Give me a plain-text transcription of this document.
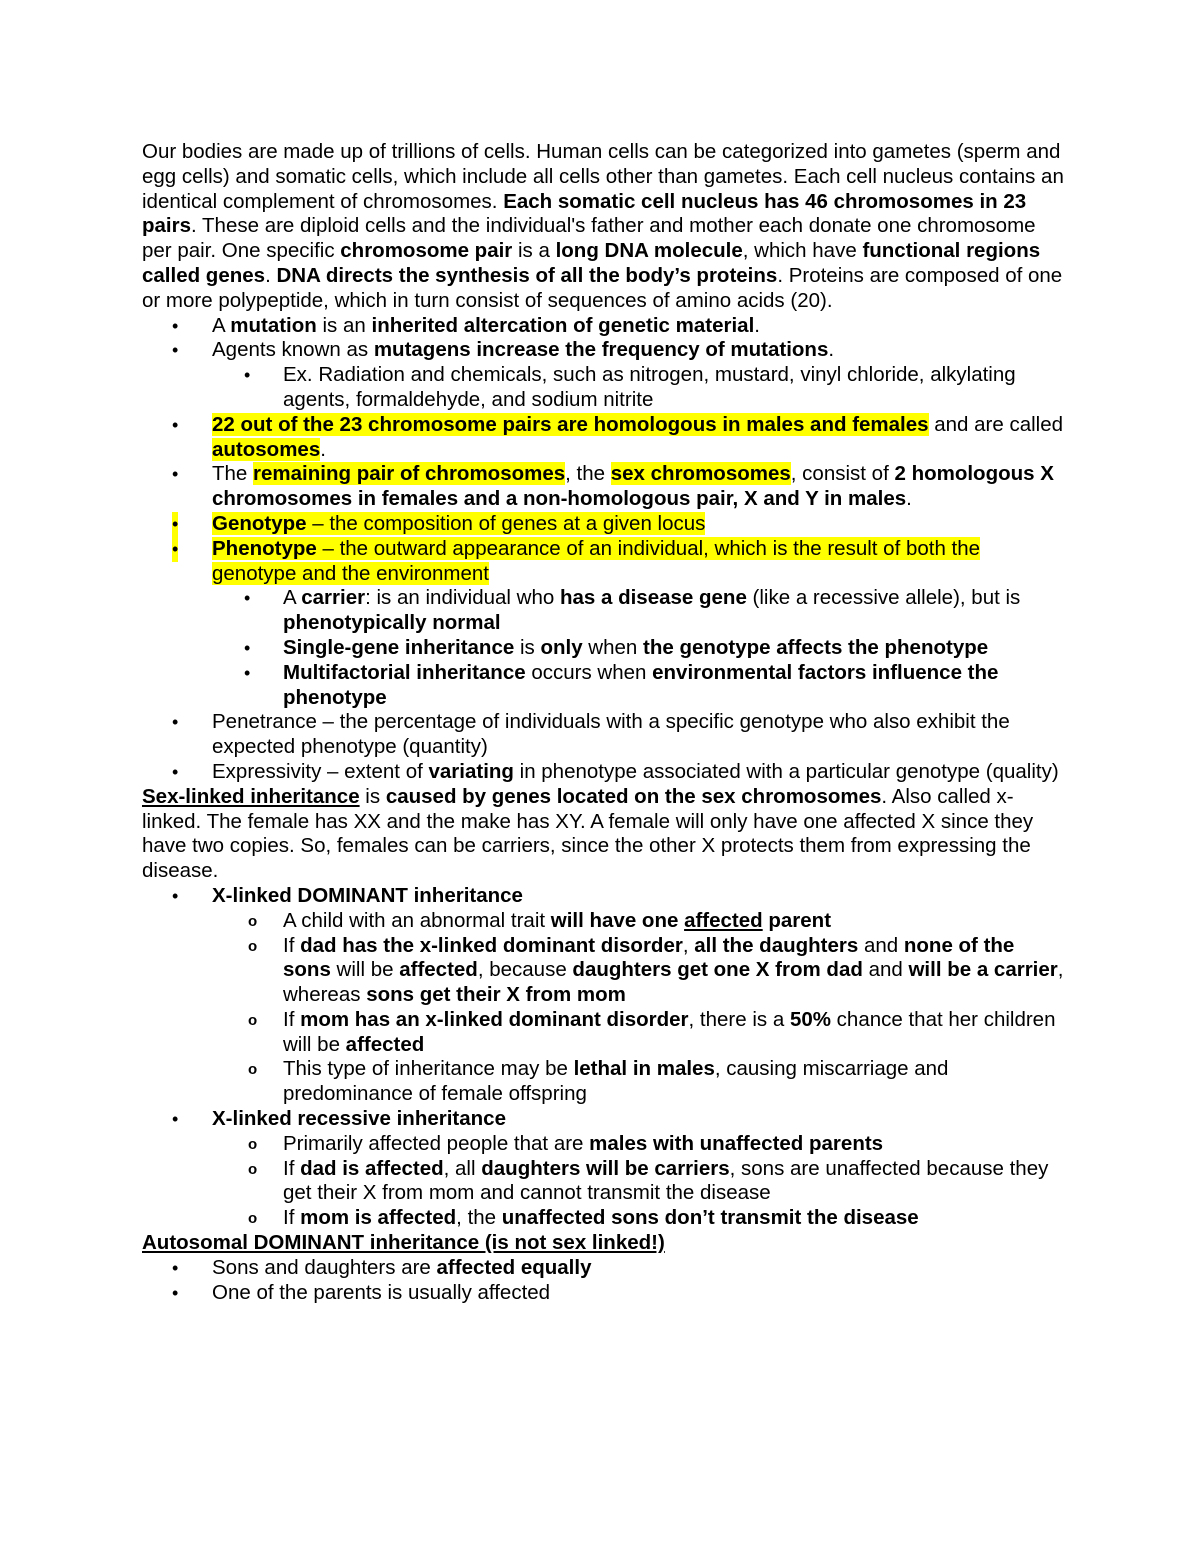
Our bodies are made up of trillions of cells. Human cells can be categorized into gametes (sperm and egg cells) and somatic cells, which include all cells other than gametes. Each cell nucleus contains an identical complement of chromosomes. Each somatic cell nucleus has 46 chromosomes in 23 pairs. These are diploid cells and the individual's father and mother each donate one chromosome per pair. One specific chromosome pair is a long DNA molecule, which have functional regions called genes. DNA directs the synthesis of all the body’s proteins. Proteins are composed of one or more polypeptide, which in turn consist of sequences of amino acids (20).

• A mutation is an inherited altercation of genetic material.
• Agents known as mutagens increase the frequency of mutations.
• Ex. Radiation and chemicals, such as nitrogen, mustard, vinyl chloride, alkylating agents, formaldehyde, and sodium nitrite
• 22 out of the 23 chromosome pairs are homologous in males and females and are called autosomes.
• The remaining pair of chromosomes, the sex chromosomes, consist of 2 homologous X chromosomes in females and a non-homologous pair, X and Y in males.
• Genotype – the composition of genes at a given locus
• Phenotype – the outward appearance of an individual, which is the result of both the genotype and the environment
• A carrier: is an individual who has a disease gene (like a recessive allele), but is phenotypically normal
• Single-gene inheritance is only when the genotype affects the phenotype
• Multifactorial inheritance occurs when environmental factors influence the phenotype
• Penetrance – the percentage of individuals with a specific genotype who also exhibit the expected phenotype (quantity)
• Expressivity – extent of variating in phenotype associated with a particular genotype (quality)

Sex-linked inheritance is caused by genes located on the sex chromosomes. Also called x-linked. The female has XX and the make has XY. A female will only have one affected X since they have two copies. So, females can be carriers, since the other X protects them from expressing the disease.

• X-linked DOMINANT inheritance
o A child with an abnormal trait will have one affected parent
o If dad has the x-linked dominant disorder, all the daughters and none of the sons will be affected, because daughters get one X from dad and will be a carrier, whereas sons get their X from mom
o If mom has an x-linked dominant disorder, there is a 50% chance that her children will be affected
o This type of inheritance may be lethal in males, causing miscarriage and predominance of female offspring
• X-linked recessive inheritance
o Primarily affected people that are males with unaffected parents
o If dad is affected, all daughters will be carriers, sons are unaffected because they get their X from mom and cannot transmit the disease
o If mom is affected, the unaffected sons don’t transmit the disease

Autosomal DOMINANT inheritance (is not sex linked!)

• Sons and daughters are affected equally
• One of the parents is usually affected
